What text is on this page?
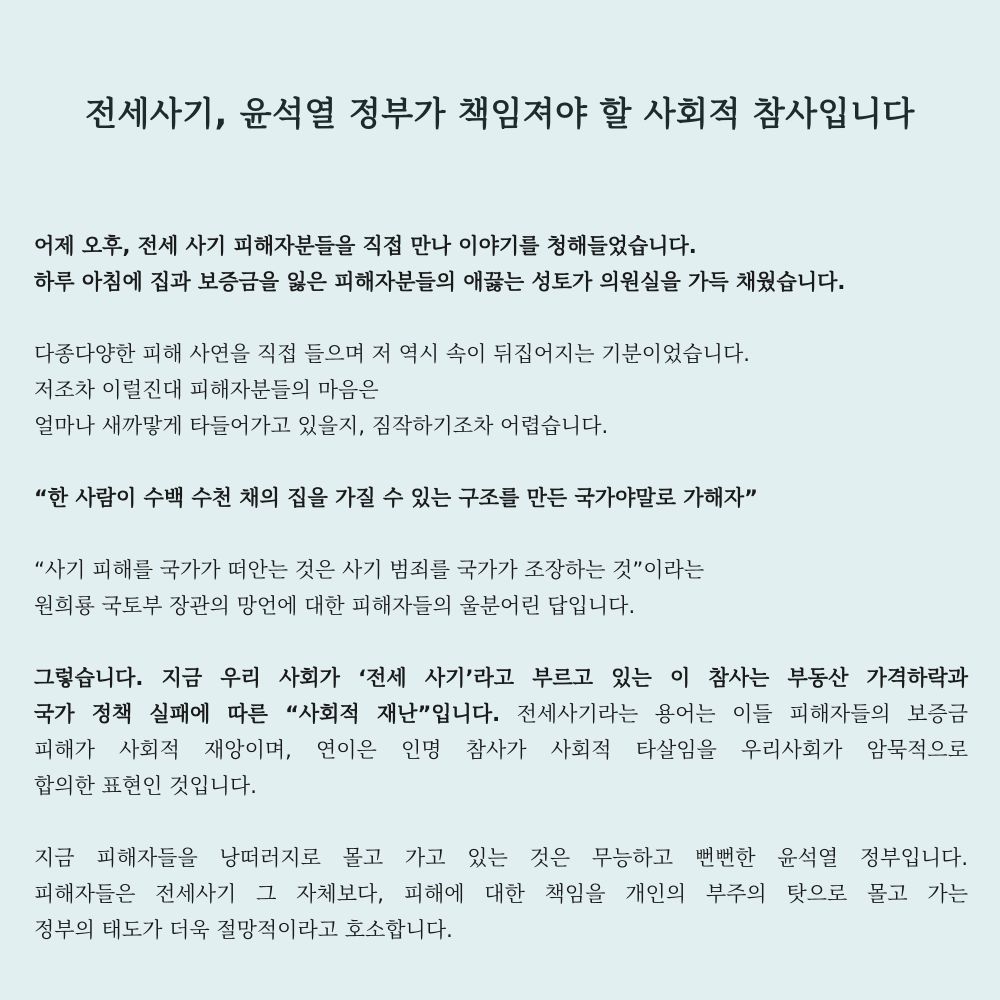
전세사기, 윤석열 정부가 책임져야 할 사회적 참사입니다
어제 오후, 전세 사기 피해자분들을 직접 만나 이야기를 청해들었습니다.
하루 아침에 집과 보증금을 잃은 피해자분들의 애끓는 성토가 의원실을 가득 채웠습니다.
다종다양한 피해 사연을 직접 들으며 저 역시 속이 뒤집어지는 기분이었습니다.
저조차 이럴진대 피해자분들의 마음은
얼마나 새까맣게 타들어가고 있을지, 짐작하기조차 어렵습니다.
“한 사람이 수백 수천 채의 집을 가질 수 있는 구조를 만든 국가야말로 가해자”
“사기 피해를 국가가 떠안는 것은 사기 범죄를 국가가 조장하는 것”이라는
원희룡 국토부 장관의 망언에 대한 피해자들의 울분어린 답입니다.
그렇습니다. 지금 우리 사회가 ‘전세 사기’라고 부르고 있는 이 참사는 부동산 가격하락과
국가 정책 실패에 따른 “사회적 재난”입니다. 전세사기라는 용어는 이들 피해자들의 보증금
피해가 사회적 재앙이며, 연이은 인명 참사가 사회적 타살임을 우리사회가 암묵적으로
합의한 표현인 것입니다.
지금 피해자들을 낭떠러지로 몰고 가고 있는 것은 무능하고 뻔뻔한 윤석열 정부입니다.
피해자들은 전세사기 그 자체보다, 피해에 대한 책임을 개인의 부주의 탓으로 몰고 가는
정부의 태도가 더욱 절망적이라고 호소합니다.
